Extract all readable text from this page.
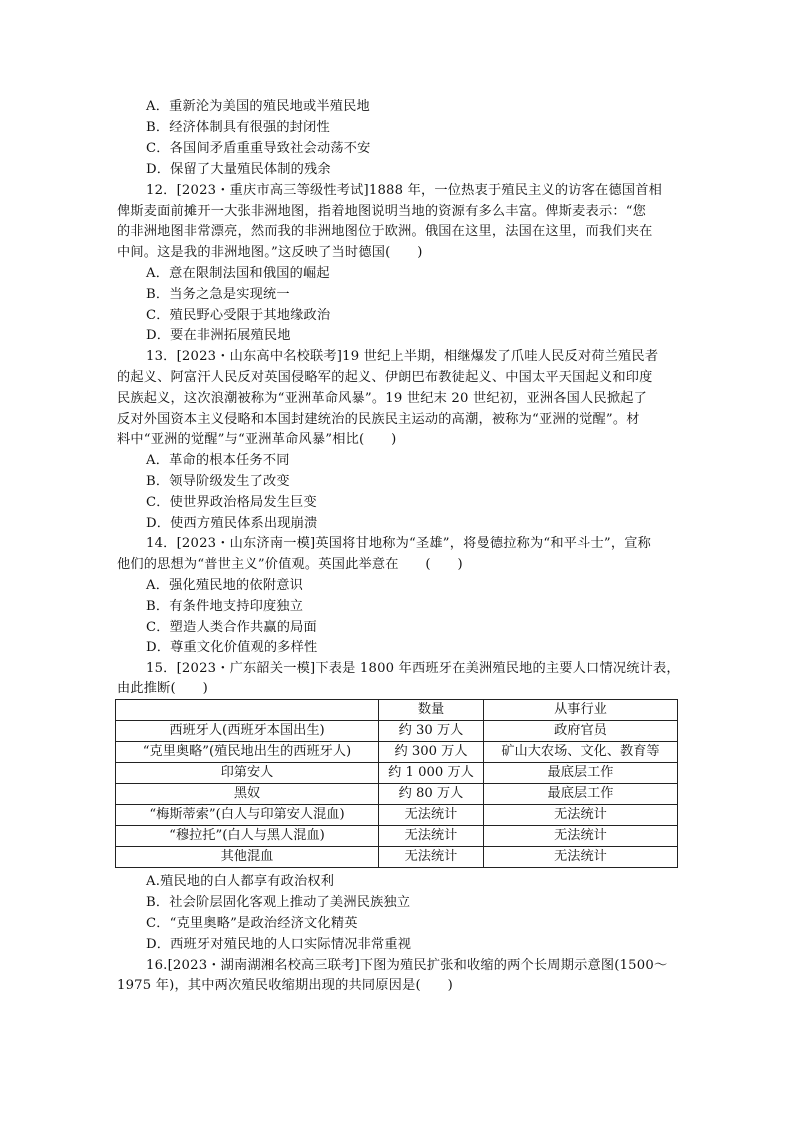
A．重新沦为美国的殖民地或半殖民地
B．经济体制具有很强的封闭性
C．各国间矛盾重重导致社会动荡不安
D．保留了大量殖民体制的残余
12．[2023・重庆市高三等级性考试]1888 年，一位热衷于殖民主义的访客在德国首相
俾斯麦面前摊开一大张非洲地图，指着地图说明当地的资源有多么丰富。俾斯麦表示：“您
的非洲地图非常漂亮，然而我的非洲地图位于欧洲。俄国在这里，法国在这里，而我们夹在
中间。这是我的非洲地图。”这反映了当时德国(　　)
A．意在限制法国和俄国的崛起
B．当务之急是实现统一
C．殖民野心受限于其地缘政治
D．要在非洲拓展殖民地
13．[2023・山东高中名校联考]19 世纪上半期，相继爆发了爪哇人民反对荷兰殖民者
的起义、阿富汗人民反对英国侵略军的起义、伊朗巴布教徒起义、中国太平天国起义和印度
民族起义，这次浪潮被称为“亚洲革命风暴”。19 世纪末 20 世纪初，亚洲各国人民掀起了
反对外国资本主义侵略和本国封建统治的民族民主运动的高潮，被称为“亚洲的觉醒”。材
料中“亚洲的觉醒”与“亚洲革命风暴”相比(　　)
A．革命的根本任务不同
B．领导阶级发生了改变
C．使世界政治格局发生巨变
D．使西方殖民体系出现崩溃
14．[2023・山东济南一模]英国将甘地称为“圣雄”，将曼德拉称为“和平斗士”，宣称
他们的思想为“普世主义”价值观。英国此举意在　　(　　)
A．强化殖民地的依附意识
B．有条件地支持印度独立
C．塑造人类合作共赢的局面
D．尊重文化价值观的多样性
15．[2023・广东韶关一模]下表是 1800 年西班牙在美洲殖民地的主要人口情况统计表，
由此推断(　　)
	数量	从事行业
西班牙人(西班牙本国出生)	约 30 万人	政府官员
“克里奥略”(殖民地出生的西班牙人)	约 300 万人	矿山大农场、文化、教育等
印第安人	约 1 000 万人	最底层工作
黑奴	约 80 万人	最底层工作
“梅斯蒂索”(白人与印第安人混血)	无法统计	无法统计
“穆拉托”(白人与黑人混血)	无法统计	无法统计
其他混血	无法统计	无法统计
A.殖民地的白人都享有政治权利
B．社会阶层固化客观上推动了美洲民族独立
C．“克里奥略”是政治经济文化精英
D．西班牙对殖民地的人口实际情况非常重视
16.[2023・湖南湖湘名校高三联考]下图为殖民扩张和收缩的两个长周期示意图(1500～
1975 年)，其中两次殖民收缩期出现的共同原因是(　　)
